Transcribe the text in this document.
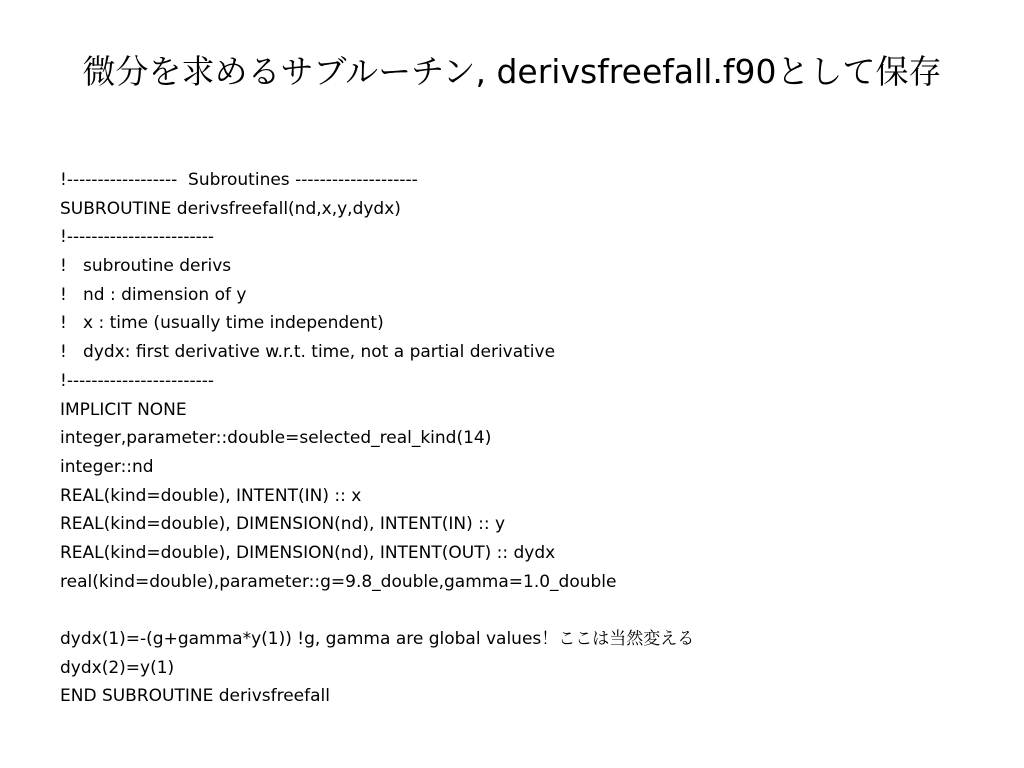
微分を求めるサブルーチン, derivsfreefall.f90として保存
!------------------  Subroutines --------------------
SUBROUTINE derivsfreefall(nd,x,y,dydx)
!------------------------
!   subroutine derivs
!   nd : dimension of y
!   x : time (usually time independent)
!   dydx: first derivative w.r.t. time, not a partial derivative
!------------------------
IMPLICIT NONE
integer,parameter::double=selected_real_kind(14)
integer::nd
REAL(kind=double), INTENT(IN) :: x
REAL(kind=double), DIMENSION(nd), INTENT(IN) :: y
REAL(kind=double), DIMENSION(nd), INTENT(OUT) :: dydx
real(kind=double),parameter::g=9.8_double,gamma=1.0_double
dydx(1)=-(g+gamma*y(1)) !g, gamma are global values！ここは当然変える
dydx(2)=y(1)
END SUBROUTINE derivsfreefall
